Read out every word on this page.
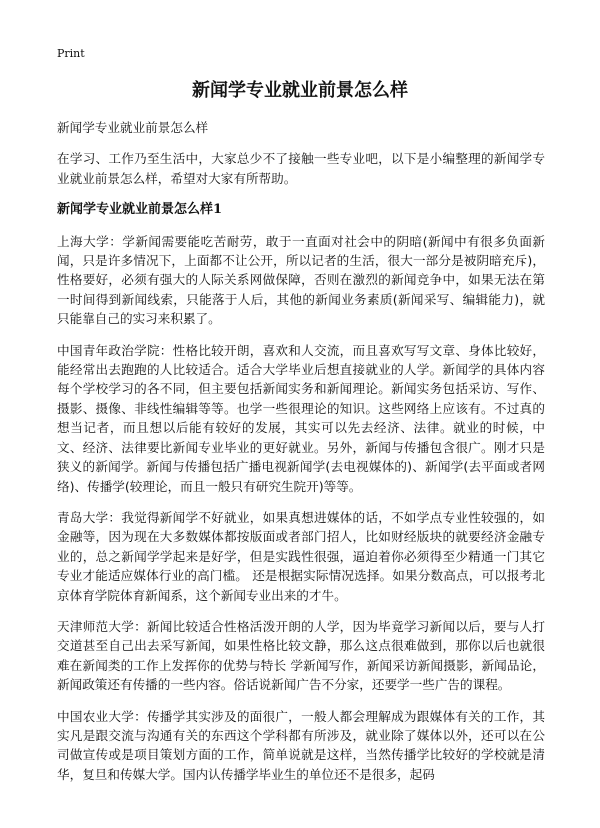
Print
新闻学专业就业前景怎么样

新闻学专业就业前景怎么样

在学习、工作乃至生活中，大家总少不了接触一些专业吧，以下是小编整理的新闻学专业就业前景怎么样，希望对大家有所帮助。

新闻学专业就业前景怎么样1

上海大学：学新闻需要能吃苦耐劳，敢于一直面对社会中的阴暗(新闻中有很多负面新闻，只是许多情况下，上面都不让公开，所以记者的生活，很大一部分是被阴暗充斥)，性格要好，必须有强大的人际关系网做保障，否则在激烈的新闻竞争中，如果无法在第一时间得到新闻线索，只能落于人后，其他的新闻业务素质(新闻采写、编辑能力)，就只能靠自己的实习来积累了。

中国青年政治学院：性格比较开朗，喜欢和人交流，而且喜欢写写文章、身体比较好，能经常出去跑跑的人比较适合。适合大学毕业后想直接就业的人学。新闻学的具体内容每个学校学习的各不同，但主要包括新闻实务和新闻理论。新闻实务包括采访、写作、摄影、摄像、非线性编辑等等。也学一些很理论的知识。这些网络上应该有。不过真的想当记者，而且想以后能有较好的发展，其实可以先去经济、法律。就业的时候，中文、经济、法律要比新闻专业毕业的更好就业。另外，新闻与传播包含很广。刚才只是狭义的新闻学。新闻与传播包括广播电视新闻学(去电视媒体的)、新闻学(去平面或者网络)、传播学(较理论，而且一般只有研究生院开)等等。

青岛大学：我觉得新闻学不好就业，如果真想进媒体的话，不如学点专业性较强的，如金融等，因为现在大多数媒体都按版面或者部门招人，比如财经版块的就要经济金融专业的，总之新闻学学起来是好学，但是实践性很强，逼迫着你必须得至少精通一门其它专业才能适应媒体行业的高门槛。 还是根据实际情况选择。如果分数高点，可以报考北京体育学院体育新闻系，这个新闻专业出来的才牛。

天津师范大学：新闻比较适合性格活泼开朗的人学，因为毕竟学习新闻以后，要与人打交道甚至自己出去采写新闻，如果性格比较文静，那么这点很难做到，那你以后也就很难在新闻类的工作上发挥你的优势与特长 学新闻写作，新闻采访新闻摄影，新闻品论，新闻政策还有传播的一些内容。俗话说新闻广告不分家，还要学一些广告的课程。

中国农业大学：传播学其实涉及的面很广，一般人都会理解成为跟媒体有关的工作，其实凡是跟交流与沟通有关的东西这个学科都有所涉及，就业除了媒体以外，还可以在公司做宣传或是项目策划方面的工作，简单说就是这样，当然传播学比较好的学校就是清华，复旦和传媒大学。国内认传播学毕业生的单位还不是很多，起码
